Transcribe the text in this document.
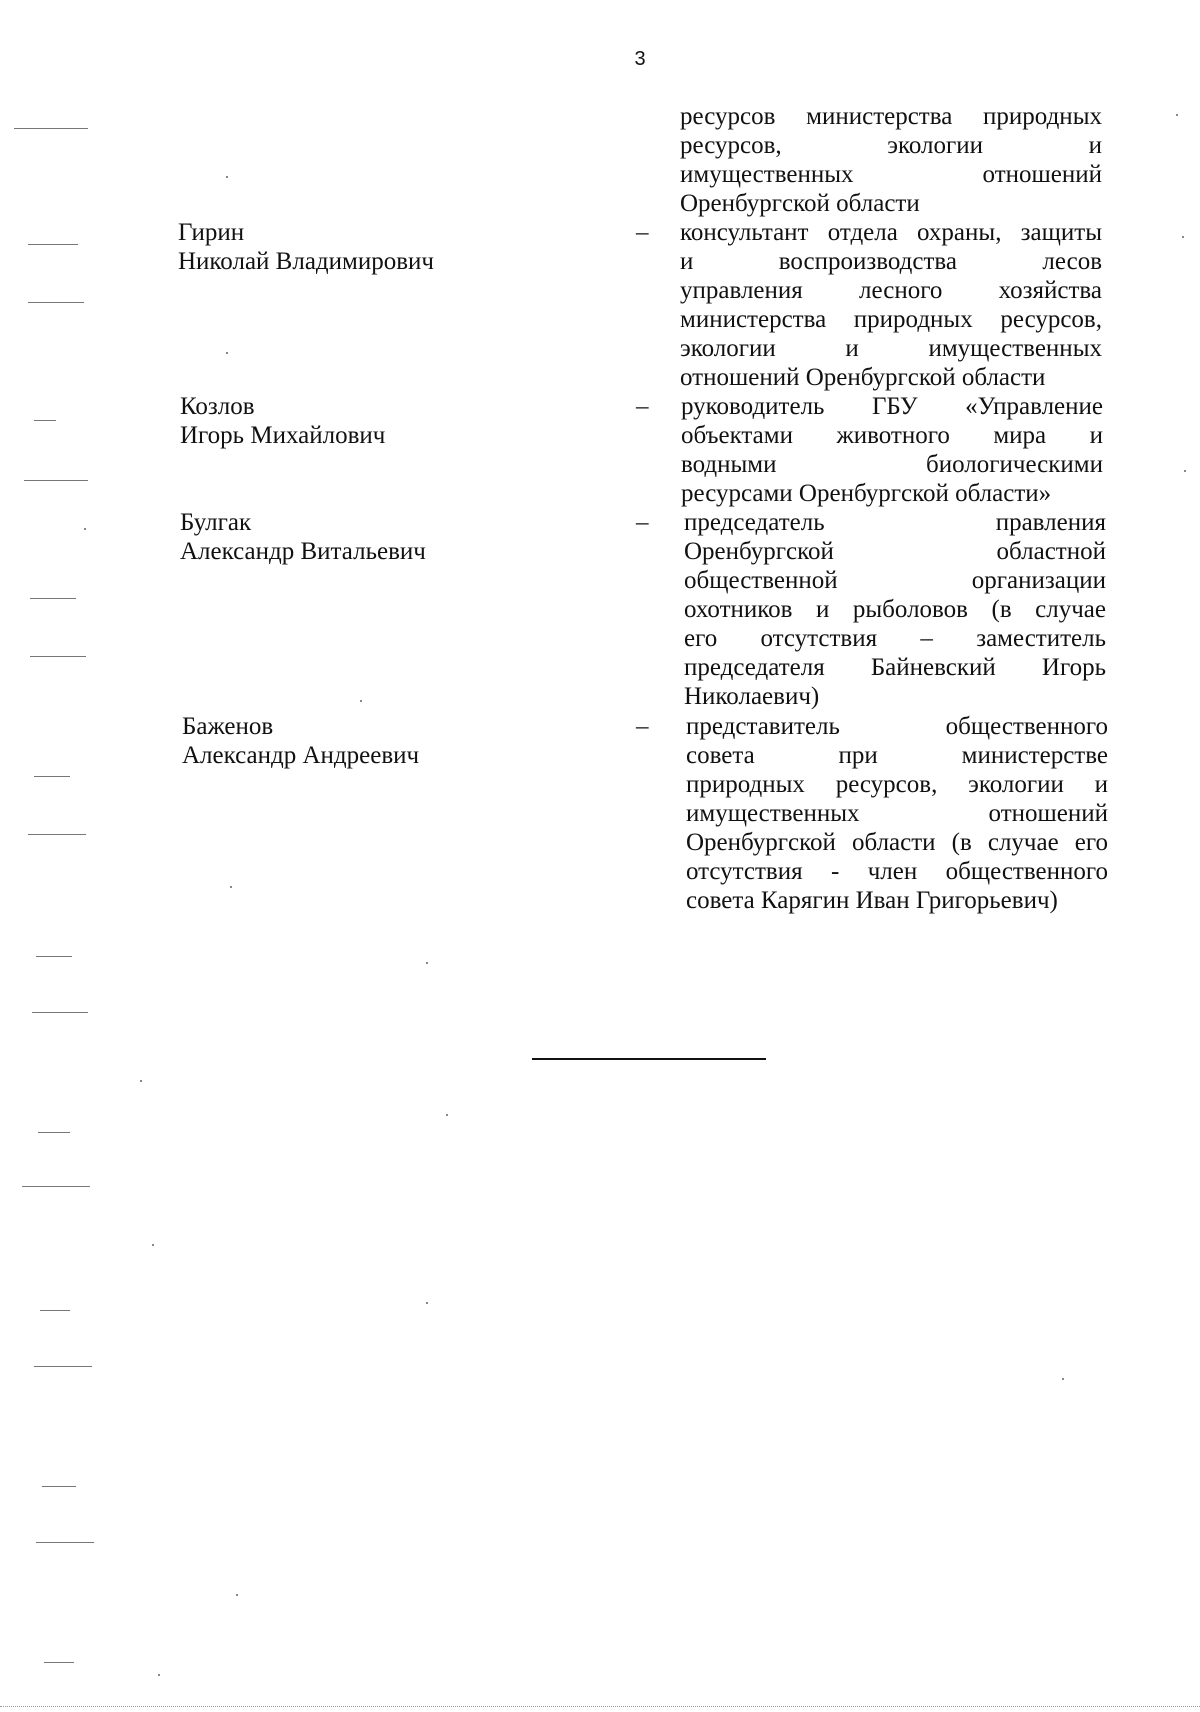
3
ресурсов министерства природных
ресурсов, экологии и
имущественных отношений
Оренбургской области
Гирин
Николай Владимирович
– консультант отдела охраны, защиты
и воспроизводства лесов
управления лесного хозяйства
министерства природных ресурсов,
экологии и имущественных
отношений Оренбургской области
Козлов
Игорь Михайлович
– руководитель ГБУ «Управление
объектами животного мира и
водными биологическими
ресурсами Оренбургской области»
Булгак
Александр Витальевич
– председатель правления
Оренбургской областной
общественной организации
охотников и рыболовов (в случае
его отсутствия – заместитель
председателя Байневский Игорь
Николаевич)
Баженов
Александр Андреевич
– представитель общественного
совета при министерстве
природных ресурсов, экологии и
имущественных отношений
Оренбургской области (в случае его
отсутствия - член общественного
совета Карягин Иван Григорьевич)
